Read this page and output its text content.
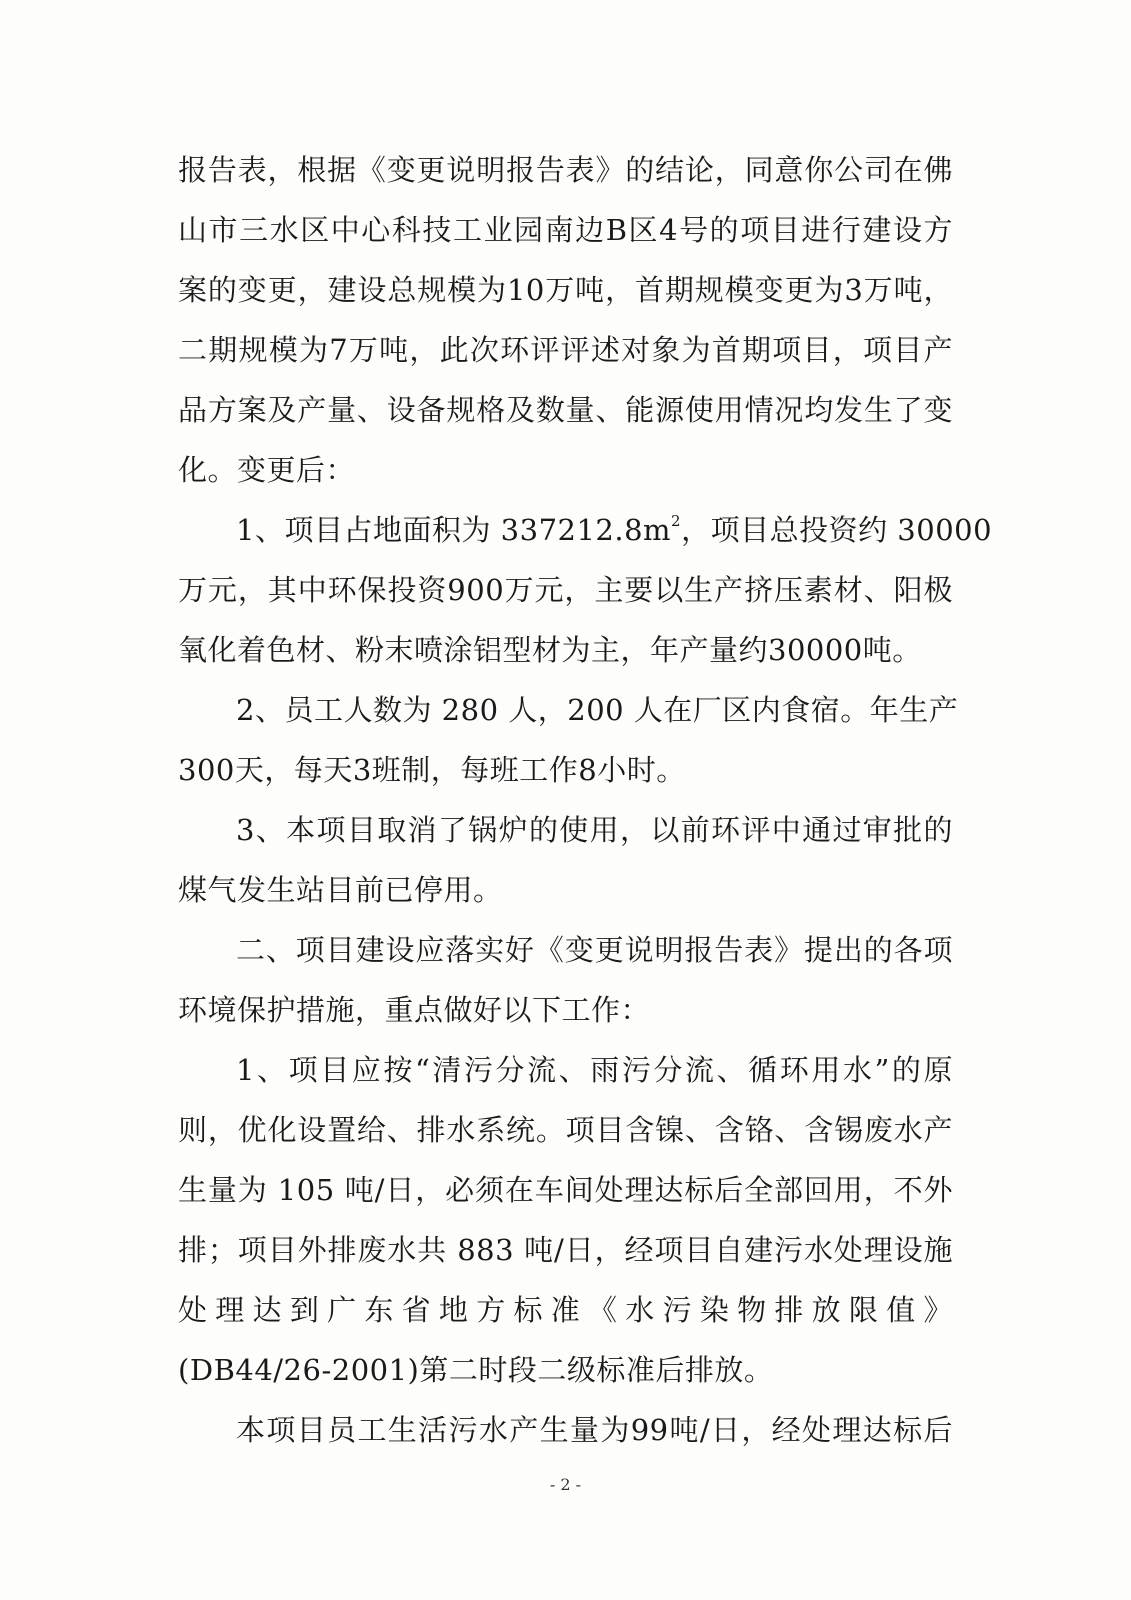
报告表，根据《变更说明报告表》的结论，同意你公司在佛
山市三水区中心科技工业园南边B区4号的项目进行建设方
案的变更，建设总规模为10万吨，首期规模变更为3万吨，
二期规模为7万吨，此次环评评述对象为首期项目，项目产
品方案及产量、设备规格及数量、能源使用情况均发生了变
化。变更后：
1、项目占地面积为 $337212.8m^2$，项目总投资约 30000
万元，其中环保投资900万元，主要以生产挤压素材、阳极
氧化着色材、粉末喷涂铝型材为主，年产量约30000吨。
2、员工人数为 280 人，200 人在厂区内食宿。年生产
300天，每天3班制，每班工作8小时。
3、本项目取消了锅炉的使用，以前环评中通过审批的
煤气发生站目前已停用。
二、项目建设应落实好《变更说明报告表》提出的各项
环境保护措施，重点做好以下工作：
1、项目应按“清污分流、雨污分流、循环用水”的原
则，优化设置给、排水系统。项目含镍、含铬、含锡废水产
生量为 105 吨/日，必须在车间处理达标后全部回用，不外
排；项目外排废水共 883 吨/日，经项目自建污水处理设施
处理达到广东省地方标准《水污染物排放限值》
(DB44/26-2001)第二时段二级标准后排放。
本项目员工生活污水产生量为99吨/日，经处理达标后
- 2 -
